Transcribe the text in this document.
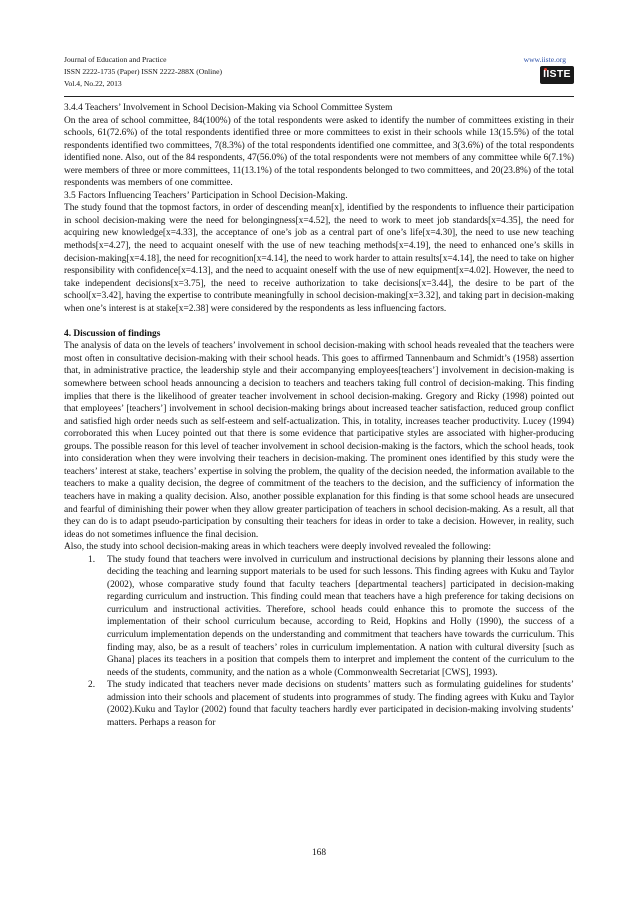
Journal of Education and Practice
ISSN 2222-1735 (Paper) ISSN 2222-288X (Online)
Vol.4, No.22, 2013
www.iiste.org
IISTE

3.4.4 Teachers’ Involvement in School Decision-Making via School Committee System

On the area of school committee, 84(100%) of the total respondents were asked to identify the number of committees existing in their schools, 61(72.6%) of the total respondents identified three or more committees to exist in their schools while 13(15.5%) of the total respondents identified two committees, 7(8.3%) of the total respondents identified one committee, and 3(3.6%) of the total respondents identified none. Also, out of the 84 respondents, 47(56.0%) of the total respondents were not members of any committee while 6(7.1%) were members of three or more committees, 11(13.1%) of the total respondents belonged to two committees, and 20(23.8%) of the total respondents was members of one committee.

3.5 Factors Influencing Teachers’ Participation in School Decision-Making.

The study found that the topmost factors, in order of descending mean[x], identified by the respondents to influence their participation in school decision-making were the need for belongingness[x=4.52], the need to work to meet job standards[x=4.35], the need for acquiring new knowledge[x=4.33], the acceptance of one’s job as a central part of one’s life[x=4.30], the need to use new teaching methods[x=4.27], the need to acquaint oneself with the use of new teaching methods[x=4.19], the need to enhanced one’s skills in decision-making[x=4.18], the need for recognition[x=4.14], the need to work harder to attain results[x=4.14], the need to take on higher responsibility with confidence[x=4.13], and the need to acquaint oneself with the use of new equipment[x=4.02]. However, the need to take independent decisions[x=3.75], the need to receive authorization to take decisions[x=3.44], the desire to be part of the school[x=3.42], having the expertise to contribute meaningfully in school decision-making[x=3.32], and taking part in decision-making when one’s interest is at stake[x=2.38] were considered by the respondents as less influencing factors.

4. Discussion of findings

The analysis of data on the levels of teachers’ involvement in school decision-making with school heads revealed that the teachers were most often in consultative decision-making with their school heads. This goes to affirmed Tannenbaum and Schmidt’s (1958) assertion that, in administrative practice, the leadership style and their accompanying employees[teachers’] involvement in decision-making is somewhere between school heads announcing a decision to teachers and teachers taking full control of decision-making. This finding implies that there is the likelihood of greater teacher involvement in school decision-making. Gregory and Ricky (1998) pointed out that employees’ [teachers’] involvement in school decision-making brings about increased teacher satisfaction, reduced group conflict and satisfied high order needs such as self-esteem and self-actualization. This, in totality, increases teacher productivity. Lucey (1994) corroborated this when Lucey pointed out that there is some evidence that participative styles are associated with higher-producing groups. The possible reason for this level of teacher involvement in school decision-making is the factors, which the school heads, took into consideration when they were involving their teachers in decision-making. The prominent ones identified by this study were the teachers’ interest at stake, teachers’ expertise in solving the problem, the quality of the decision needed, the information available to the teachers to make a quality decision, the degree of commitment of the teachers to the decision, and the sufficiency of information the teachers have in making a quality decision. Also, another possible explanation for this finding is that some school heads are unsecured and fearful of diminishing their power when they allow greater participation of teachers in school decision-making. As a result, all that they can do is to adapt pseudo-participation by consulting their teachers for ideas in order to take a decision. However, in reality, such ideas do not sometimes influence the final decision.

Also, the study into school decision-making areas in which teachers were deeply involved revealed the following:

1. The study found that teachers were involved in curriculum and instructional decisions by planning their lessons alone and deciding the teaching and learning support materials to be used for such lessons. This finding agrees with Kuku and Taylor (2002), whose comparative study found that faculty teachers [departmental teachers] participated in decision-making regarding curriculum and instruction. This finding could mean that teachers have a high preference for taking decisions on curriculum and instructional activities. Therefore, school heads could enhance this to promote the success of the implementation of their school curriculum because, according to Reid, Hopkins and Holly (1990), the success of a curriculum implementation depends on the understanding and commitment that teachers have towards the curriculum. This finding may, also, be as a result of teachers’ roles in curriculum implementation. A nation with cultural diversity [such as Ghana] places its teachers in a position that compels them to interpret and implement the content of the curriculum to the needs of the students, community, and the nation as a whole (Commonwealth Secretariat [CWS], 1993).
2. The study indicated that teachers never made decisions on students’ matters such as formulating guidelines for students’ admission into their schools and placement of students into programmes of study. The finding agrees with Kuku and Taylor (2002).Kuku and Taylor (2002) found that faculty teachers hardly ever participated in decision-making involving students’ matters. Perhaps a reason for
168
